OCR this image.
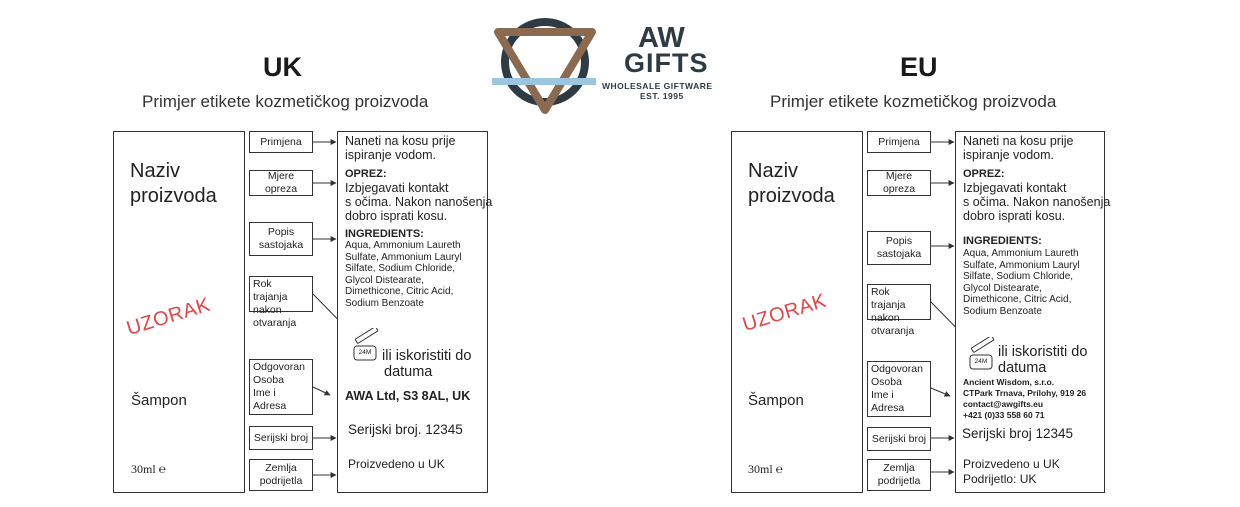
AW
GIFTS
WHOLESALE GIFTWARE
EST. 1995
UK
Primjer etikete kozmetičkog proizvoda
Naziv
proizvoda
UZORAK
Šampon
30ml ℮
Primjena
Mjere
opreza
Popis
sastojaka
Rok trajanja
nakon
otvaranja
Odgovoran
Osoba
Ime i
Adresa
Serijski broj
Zemlja
podrijetla
Naneti na kosu prije
ispiranje vodom.
OPREZ:
Izbjegavati kontakt
s očima. Nakon nanošenja
dobro isprati kosu.
INGREDIENTS:
Aqua, Ammonium Laureth
Sulfate, Ammonium Lauryl
Silfate, Sodium Chloride,
Glycol Distearate,
Dimethicone, Citric Acid,
Sodium Benzoate
24M ili iskoristiti do
datuma
AWA Ltd, S3 8AL, UK
Serijski broj. 12345
Proizvedeno u UK
EU
Primjer etikete kozmetičkog proizvoda
Naziv
proizvoda
UZORAK
Šampon
30ml ℮
Primjena
Mjere
opreza
Popis
sastojaka
Rok trajanja
nakon
otvaranja
Odgovoran
Osoba
Ime i
Adresa
Serijski broj
Zemlja
podrijetla
Naneti na kosu prije
ispiranje vodom.
OPREZ:
Izbjegavati kontakt
s očima. Nakon nanošenja
dobro isprati kosu.
INGREDIENTS:
Aqua, Ammonium Laureth
Sulfate, Ammonium Lauryl
Silfate, Sodium Chloride,
Glycol Distearate,
Dimethicone, Citric Acid,
Sodium Benzoate
24M
ili iskoristiti do
datuma
Ancient Wisdom, s.r.o.
CTPark Trnava, Prílohy, 919 26
contact@awgifts.eu
+421 (0)33 558 60 71
Serijski broj 12345
Proizvedeno u UK
Podrijetlo: UK
